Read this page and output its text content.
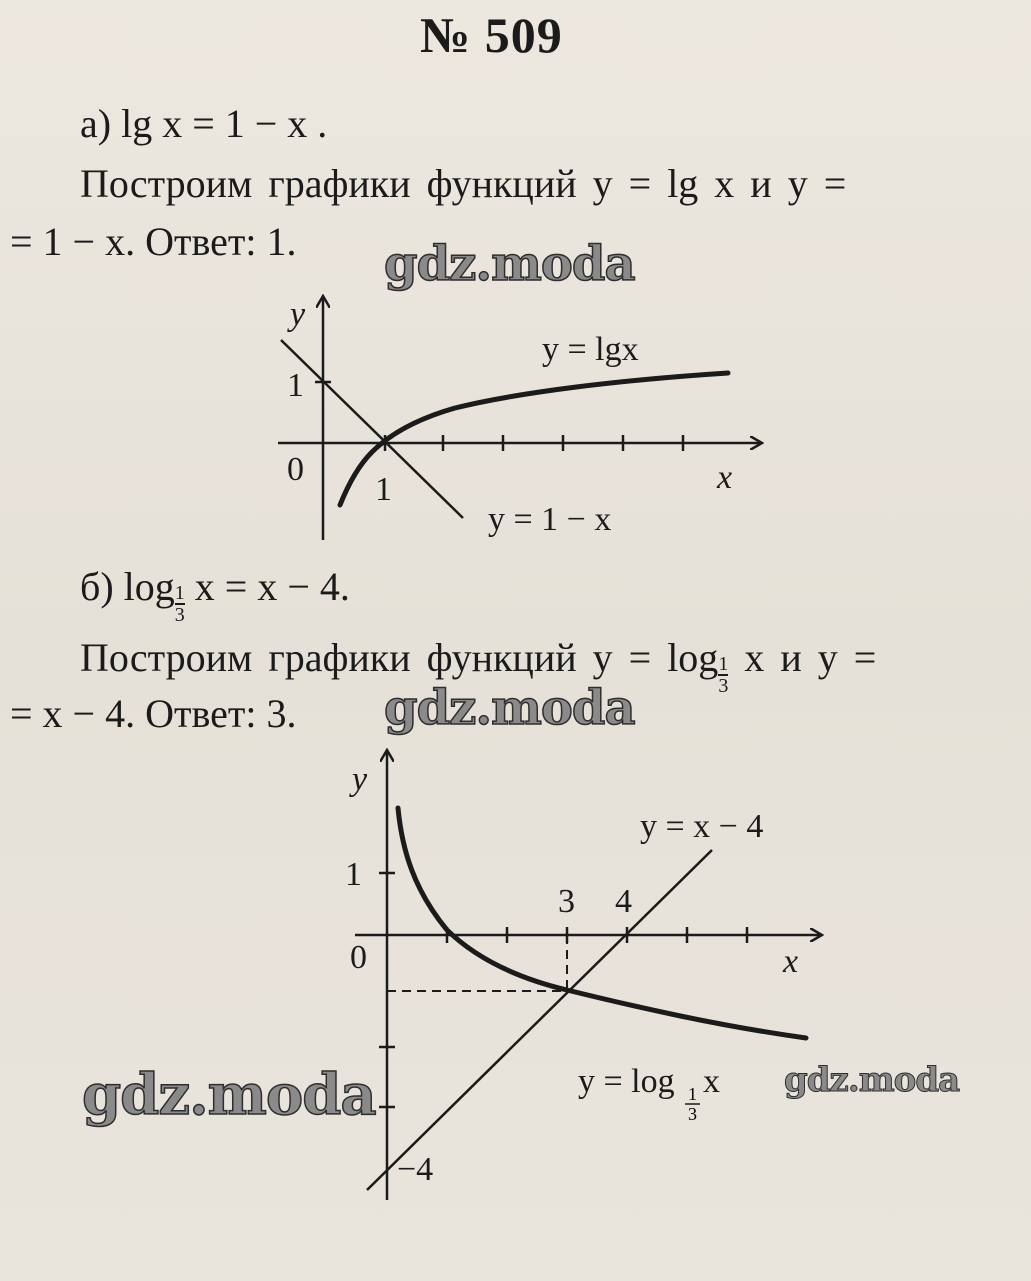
№ 509
а) lg x = 1 − x .
Построим графики функций y = lg x и y =
= 1 − x. Ответ: 1.
б) $\log \frac{1}{3}$ x = x − 4.
Построим графики функций $y = \log \frac{1}{3}$ x и y =
= x − 4. Ответ: 3.
y
x
0
1
1
y = lgx
y = 1 − x
y
x
0
1
−4
3 4
y = x − 4
y = log 1
3
x
gdz.moda
gdz.moda
gdz.moda	gdz.moda
